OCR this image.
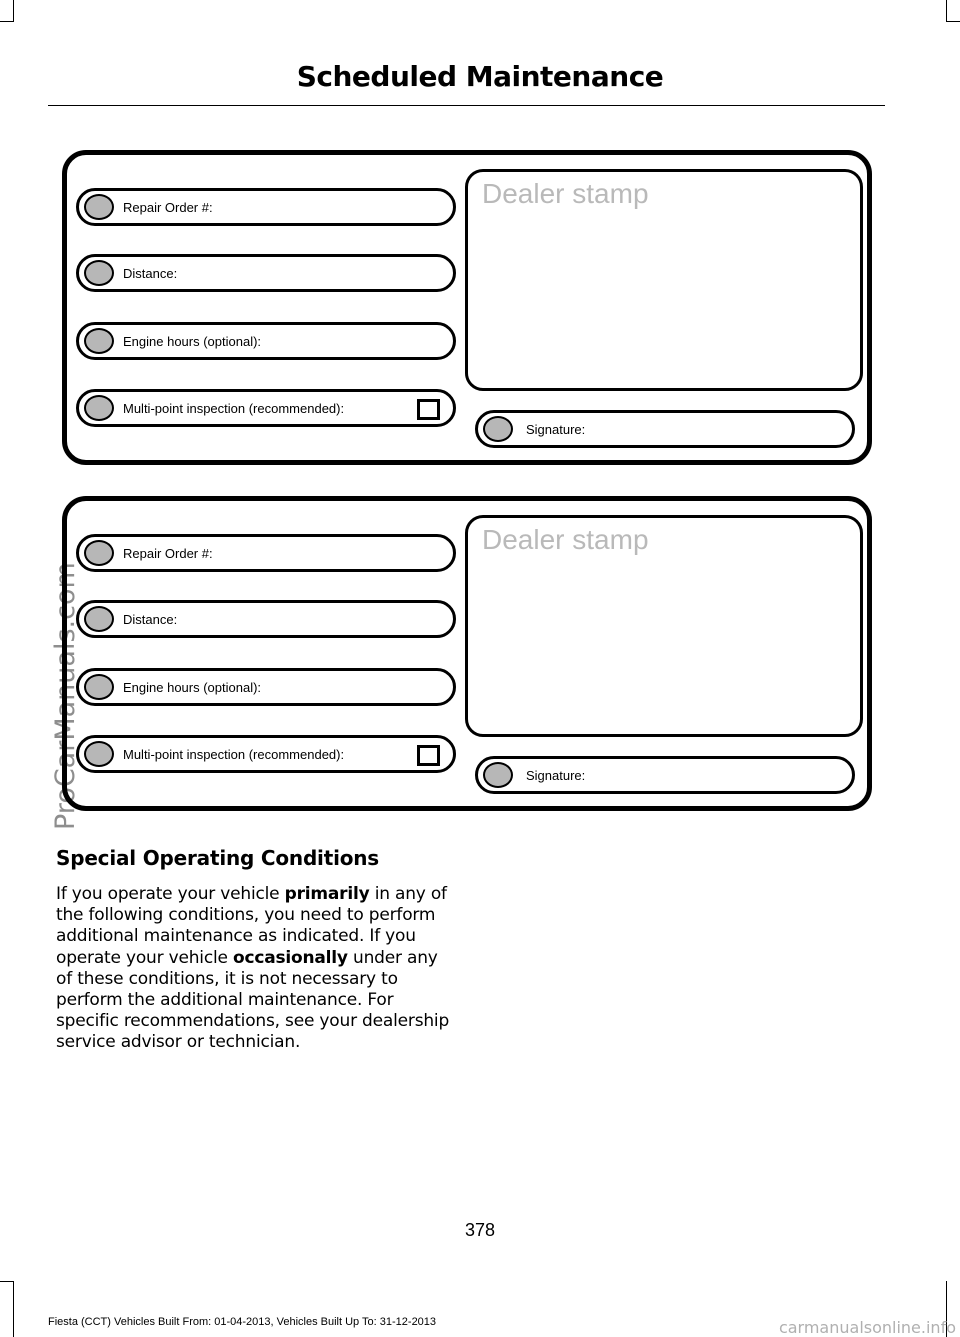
Scheduled Maintenance
ProCarManuals.com
Repair Order #:
Distance:
Engine hours (optional):
Multi-point inspection (recommended):
Dealer stamp
Signature:
Repair Order #:
Distance:
Engine hours (optional):
Multi-point inspection (recommended):
Dealer stamp
Signature:
Special Operating Conditions
If you operate your vehicle primarily in any of the following conditions, you need to perform additional maintenance as indicated. If you operate your vehicle occasionally under any of these conditions, it is not necessary to perform the additional maintenance. For specific recommendations, see your dealership service advisor or technician.
378
Fiesta (CCT) Vehicles Built From: 01-04-2013, Vehicles Built Up To: 31-12-2013	carmanualsonline.info
